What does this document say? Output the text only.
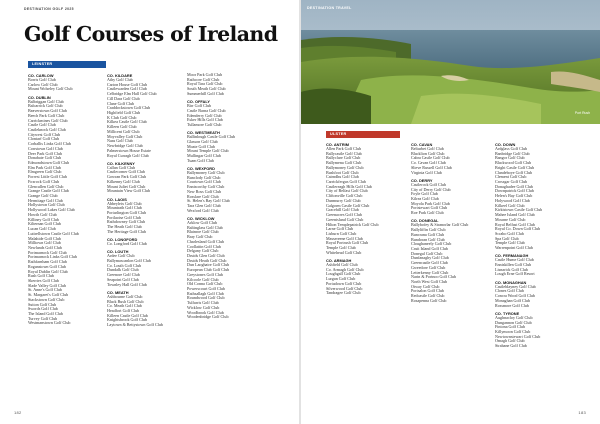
DESTINATION GOLF 2025
Golf Courses of Ireland
LEINSTER
CO. CARLOW
Borris Golf Club
Carlow Golf Club
Mount Wolseley Golf Club
CO. DUBLIN
Balbriggan Golf Club
Balcarrick Golf Club
Beaverstown Golf Club
Beech Park Golf Club
Carrickmines Golf Club
Castle Golf Club
Castleknock Golf Club
Citywest Golf Club
Clontarf Golf Club
Corballis Links Golf Club
Corrstown Golf Club
Deer Park Golf Club
Donabate Golf Club
Edmondstown Golf Club
Elm Park Golf Club
Elmgreen Golf Club
Forrest Little Golf Club
Foxrock Golf Club
Glencullen Golf Club
Grange Castle Golf Club
Grange Golf Club
Hermitage Golf Club
Hollystown Golf Club
Hollywood Lakes Golf Club
Howth Golf Club
Killiney Golf Club
Kilternan Golf Club
Lucan Golf Club
Luttrellstown Castle Golf Club
Malahide Golf Club
Milltown Golf Club
Newlands Golf Club
Portmarnock Golf Club
Portmarnock Links Golf Club
Rathfarnham Golf Club
Roganstown Golf Club
Royal Dublin Golf Club
Rush Golf Club
Skerries Golf Club
Slade Valley Golf Club
St. Anne's Golf Club
St. Margaret's Golf Club
Stackstown Golf Club
Sutton Golf Club
Swords Golf Club
The Island Golf Club
Turvey Golf Club
Westmanstown Golf Club
CO. KILDARE
Athy Golf Club
Carton House Golf Club
Castlewarden Golf Club
Celbridge Elm Hall Golf Club
Cill Dara Golf Club
Clane Golf Club
Craddockstown Golf Club
Highfield Golf Club
K Club Golf Club
Kilkea Castle Golf Club
Killeen Golf Club
Millicent Golf Club
Moyvalley Golf Club
Naas Golf Club
Newbridge Golf Club
Palmerstown House Estate
Royal Curragh Golf Club
CO. KILKENNY
Callan Golf Club
Castlecomer Golf Club
Gowran Park Golf Club
Kilkenny Golf Club
Mount Juliet Golf Club
Mountain View Golf Club
CO. LAOIS
Abbeyleix Golf Club
Mountrath Golf Club
Portarlington Golf Club
Portlaoise Golf Club
Rathdowney Golf Club
The Heath Golf Club
The Heritage Golf Club
CO. LONGFORD
Co. Longford Golf Club
CO. LOUTH
Ardee Golf Club
Ballymascanlon Golf Club
Co. Louth Golf Club
Dundalk Golf Club
Greenore Golf Club
Seapoint Golf Club
Townley Hall Golf Club
CO. MEATH
Ashbourne Golf Club
Black Bush Golf Club
Co. Meath Golf Club
Headfort Golf Club
Killeen Castle Golf Club
Knightsbrook Golf Club
Laytown & Bettystown Golf Club
Moor Park Golf Club
Rathcore Golf Club
Royal Tara Golf Club
South Meath Golf Club
Summerhill Golf Club
CO. OFFALY
Birr Golf Club
Castle Barna Golf Club
Edenderry Golf Club
Esker Hills Golf Club
Tullamore Golf Club
CO. WESTMEATH
Ballinlough Castle Golf Club
Glasson Golf Club
Moate Golf Club
Mount Temple Golf Club
Mullingar Golf Club
Tuam Golf Club
CO. WEXFORD
Ballymoney Golf Club
Bunclody Golf Club
Courtown Golf Club
Enniscorthy Golf Club
New Ross Golf Club
Rosslare Golf Club
St. Helen's Bay Golf Club
Tara Glen Golf Club
Wexford Golf Club
CO. WICKLOW
Arklow Golf Club
Baltinglass Golf Club
Blainroe Golf Club
Bray Golf Club
Charlesland Golf Club
Coollattin Golf Club
Delgany Golf Club
Druids Glen Golf Club
Druids Heath Golf Club
Dun Laoghaire Golf Club
European Club Golf Club
Greystones Golf Club
Kilcoole Golf Club
Old Conna Golf Club
Powerscourt Golf Club
Rathsallagh Golf Club
Roundwood Golf Club
Tulfarris Golf Club
Wicklow Golf Club
Woodbrook Golf Club
Woodenbridge Golf Club
182
DESTINATION TRAVEL
Port Rush
ULSTER
CO. ANTRIM
Allen Park Golf Club
Ballycastle Golf Club
Ballyclare Golf Club
Ballymena Golf Club
Ballymoney Golf Club
Bushfoot Golf Club
Cairndhu Golf Club
Carrickfergus Golf Club
Castlereagh Hills Golf Club
City of Belfast Golf Club
Cliftonville Golf Club
Dunmurry Golf Club
Galgorm Castle Golf Club
Gracehill Golf Club
Greenacres Golf Club
Greenisland Golf Club
Hilton Templepatrick Golf Club
Larne Golf Club
Lisburn Golf Club
Massereene Golf Club
Royal Portrush Golf Club
Temple Golf Club
Whitehead Golf Club
CO. ARMAGH
Ashfield Golf Club
Co. Armagh Golf Club
Loughgall Golf Club
Lurgan Golf Club
Portadown Golf Club
Silverwood Golf Club
Tandragee Golf Club
CO. CAVAN
Belturbet Golf Club
Blacklion Golf Club
Cabra Castle Golf Club
Co. Cavan Golf Club
Slieve Russell Golf Club
Virginia Golf Club
CO. DERRY
Castlerock Golf Club
City of Derry Golf Club
Foyle Golf Club
Kilrea Golf Club
Moyola Park Golf Club
Portstewart Golf Club
Roe Park Golf Club
CO. DONEGAL
Ballybofey & Stranorlar Golf Club
Ballyliffin Golf Club
Buncrana Golf Club
Bundoran Golf Club
Cloughaneely Golf Club
Cruit Island Golf Club
Donegal Golf Club
Dunfanaghy Golf Club
Greencastle Golf Club
Gweedore Golf Club
Letterkenny Golf Club
Narin & Portnoo Golf Club
North West Golf Club
Otway Golf Club
Portsalon Golf Club
Redcastle Golf Club
Rosapenna Golf Club
CO. DOWN
Ardglass Golf Club
Banbridge Golf Club
Bangor Golf Club
Blackwood Golf Club
Bright Castle Golf Club
Clandeboye Golf Club
Clement Golf Club
Crossgar Golf Club
Donaghadee Golf Club
Downpatrick Golf Club
Helen's Bay Golf Club
Holywood Golf Club
Kilkeel Golf Club
Kirkistown Castle Golf Club
Mahee Island Golf Club
Mourne Golf Club
Royal Belfast Golf Club
Royal Co. Down Golf Club
Scrabo Golf Club
Spa Golf Club
Temple Golf Club
Warrenpoint Golf Club
CO. FERMANAGH
Castle Hume Golf Club
Enniskillen Golf Club
Lisnarick Golf Club
Lough Erne Golf Resort
CO. MONAGHAN
Castleblayney Golf Club
Clones Golf Club
Concra Wood Golf Club
Monaghan Golf Club
Rossmore Golf Club
CO. TYRONE
Aughnacloy Golf Club
Dungannon Golf Club
Fintona Golf Club
Killymoon Golf Club
Newtownstewart Golf Club
Omagh Golf Club
Strabane Golf Club
183
